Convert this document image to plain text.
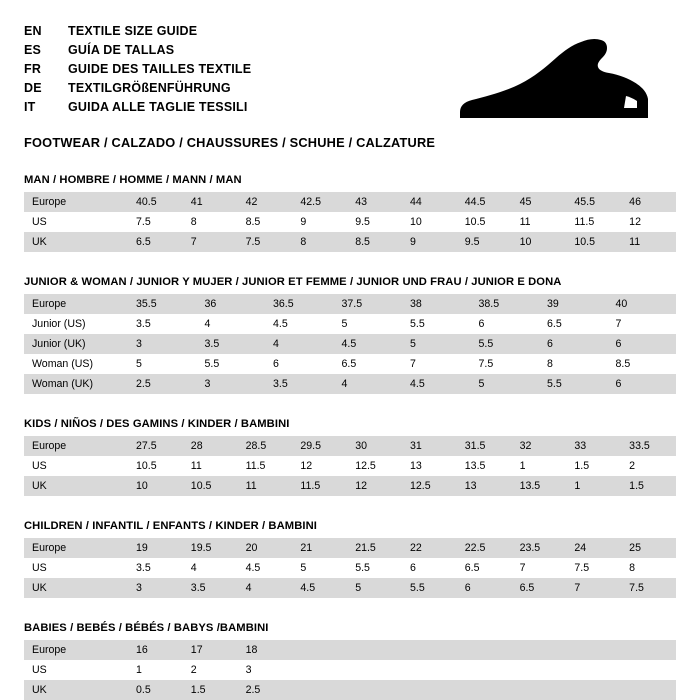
EN	TEXTILE SIZE GUIDE
ES	GUÍA DE TALLAS
FR	GUIDE DES TAILLES TEXTILE
DE	TEXTILGRÖßENFÜHRUNG
IT	GUIDA ALLE TAGLIE TESSILI
FOOTWEAR / CALZADO / CHAUSSURES / SCHUHE / CALZATURE
MAN / HOMBRE / HOMME / MANN / MAN
Europe	40.5	41	42	42.5	43	44	44.5	45	45.5	46
US	7.5	8	8.5	9	9.5	10	10.5	11	11.5	12
UK	6.5	7	7.5	8	8.5	9	9.5	10	10.5	11
JUNIOR & WOMAN / JUNIOR Y MUJER / JUNIOR ET FEMME / JUNIOR UND FRAU / JUNIOR E DONA
Europe	35.5	36	36.5	37.5	38	38.5	39	40
Junior (US)	3.5	4	4.5	5	5.5	6	6.5	7
Junior (UK)	3	3.5	4	4.5	5	5.5	6	6
Woman (US)	5	5.5	6	6.5	7	7.5	8	8.5
Woman (UK)	2.5	3	3.5	4	4.5	5	5.5	6
KIDS / NIÑOS / DES GAMINS / KINDER / BAMBINI
Europe	27.5	28	28.5	29.5	30	31	31.5	32	33	33.5
US	10.5	11	11.5	12	12.5	13	13.5	1	1.5	2
UK	10	10.5	11	11.5	12	12.5	13	13.5	1	1.5
CHILDREN / INFANTIL / ENFANTS / KINDER / BAMBINI
Europe	19	19.5	20	21	21.5	22	22.5	23.5	24	25
US	3.5	4	4.5	5	5.5	6	6.5	7	7.5	8
UK	3	3.5	4	4.5	5	5.5	6	6.5	7	7.5
BABIES / BEBÉS / BÉBÉS / BABYS /BAMBINI
Europe	16	17	18							
US	1	2	3							
UK	0.5	1.5	2.5							
